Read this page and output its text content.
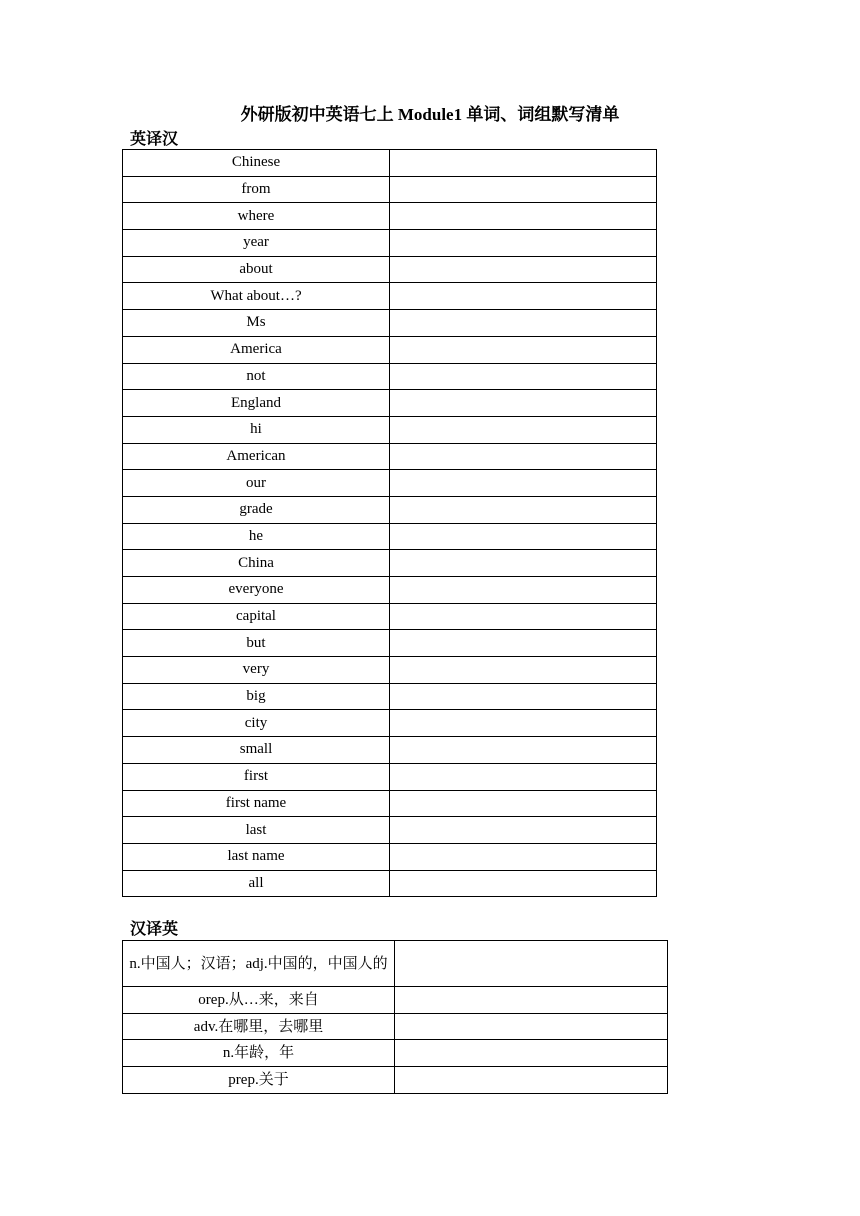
外研版初中英语七上 Module1 单词、词组默写清单
英译汉
Chinese	
from	
where	
year	
about	
What about…?	
Ms	
America	
not	
England	
hi	
American	
our	
grade	
he	
China	
everyone	
capital	
but	
very	
big	
city	
small	
first	
first name	
last	
last name	
all	
汉译英
n.中国人；汉语；adj.中国的，中国人的	

orep.从…来，来自	

adv.在哪里，去哪里	

n.年龄，年	

prep.关于	
